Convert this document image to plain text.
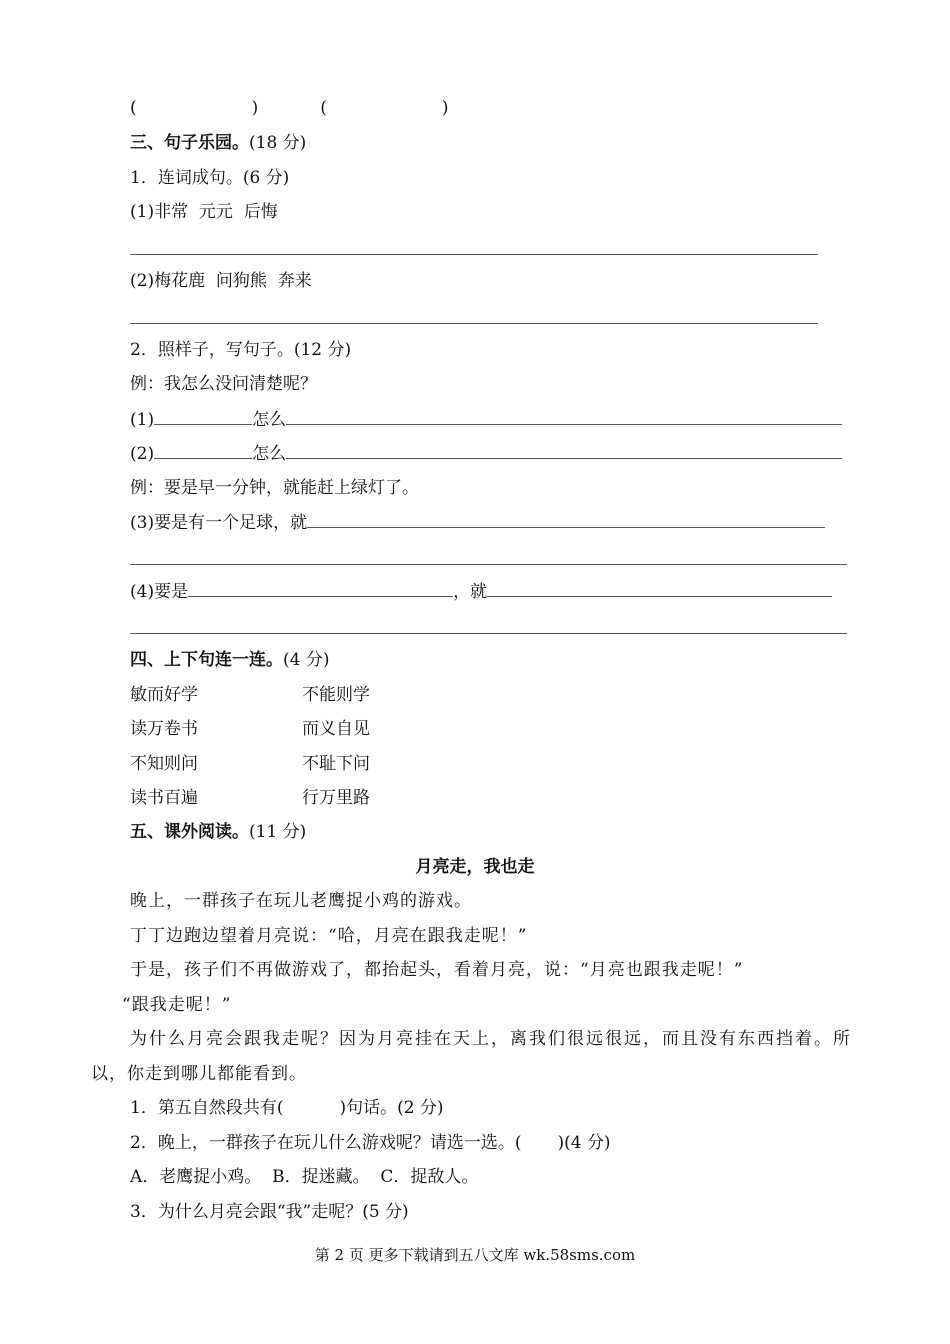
(	)	(	)
三、句子乐园。(18 分)
1．连词成句。(6 分)
(1)非常  元元  后悔
(2)梅花鹿  问狗熊  奔来
2．照样子，写句子。(12 分)
例：我怎么没问清楚呢？
(1)	怎么
(2)	怎么
例：要是早一分钟，就能赶上绿灯了。
(3)要是有一个足球，就
(4)要是	，就
四、上下句连一连。(4 分)
敏而好学	不能则学
读万卷书	而义自见
不知则问	不耻下问
读书百遍	行万里路
五、课外阅读。(11 分)
月亮走，我也走
晚上，一群孩子在玩儿老鹰捉小鸡的游戏。
丁丁边跑边望着月亮说：“哈，月亮在跟我走呢！”
于是，孩子们不再做游戏了，都抬起头，看着月亮，说：“月亮也跟我走呢！”
“跟我走呢！”
为什么月亮会跟我走呢？因为月亮挂在天上，离我们很远很远，而且没有东西挡着。所
以，你走到哪儿都能看到。
1．第五自然段共有(	)句话。(2 分)
2．晚上，一群孩子在玩儿什么游戏呢？请选一选。( )(4 分)
A．老鹰捉小鸡。  B．捉迷藏。  C．捉敌人。
3．为什么月亮会跟“我”走呢？(5 分)
第 2 页 更多下载请到五八文库 wk.58sms.com
